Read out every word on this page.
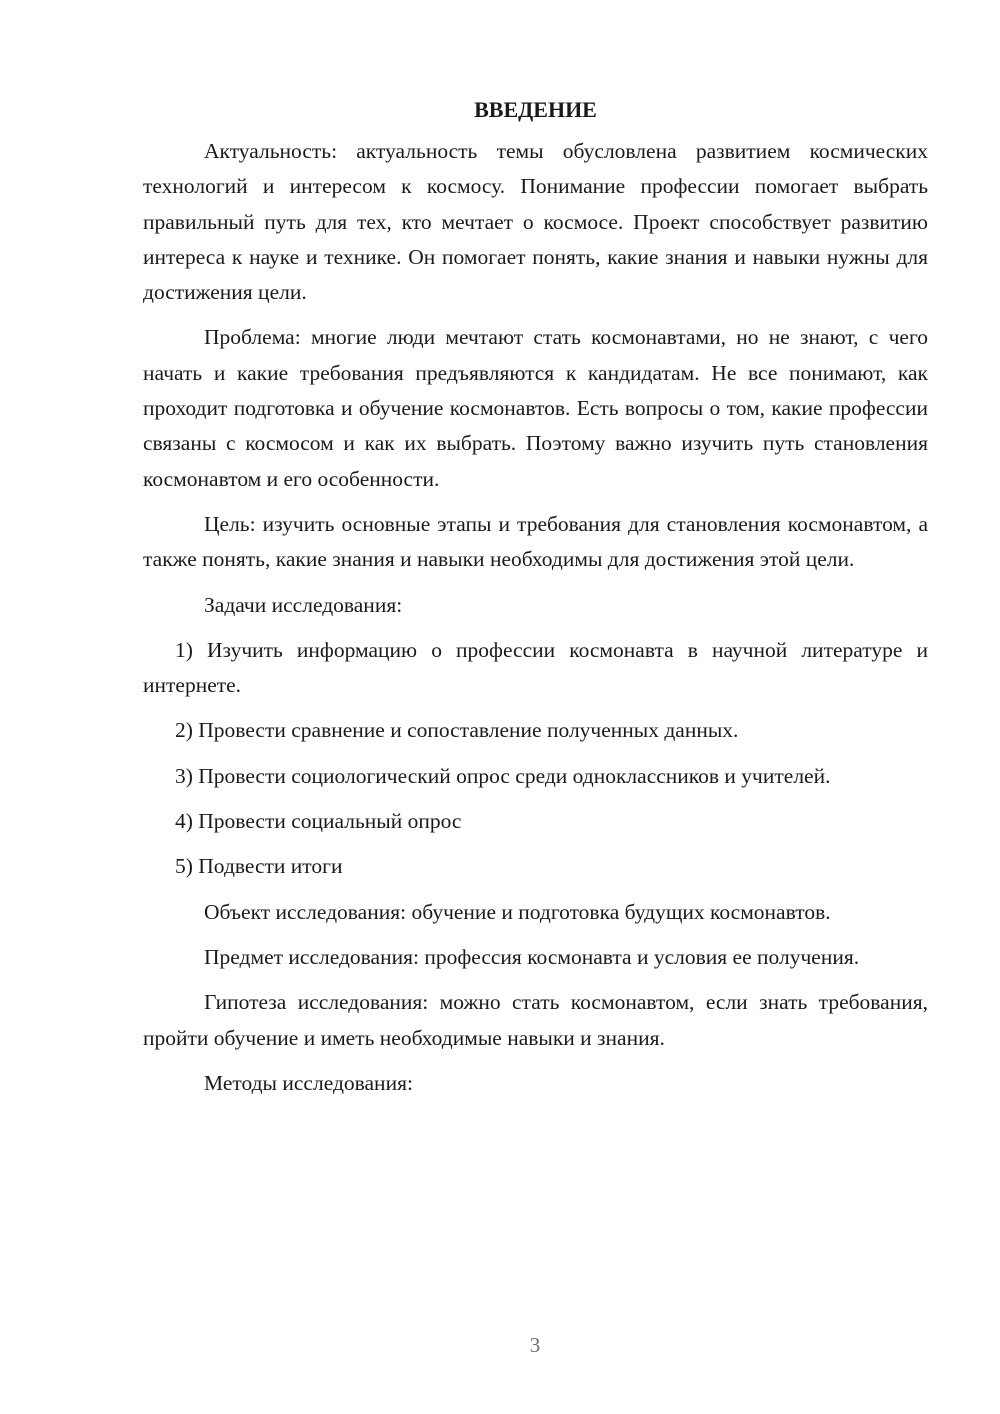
ВВЕДЕНИЕ

Актуальность: актуальность темы обусловлена развитием космических технологий и интересом к космосу. Понимание профессии помогает выбрать правильный путь для тех, кто мечтает о космосе. Проект способствует развитию интереса к науке и технике. Он помогает понять, какие знания и навыки нужны для достижения цели.

Проблема: многие люди мечтают стать космонавтами, но не знают, с чего начать и какие требования предъявляются к кандидатам. Не все понимают, как проходит подготовка и обучение космонавтов. Есть вопросы о том, какие профессии связаны с космосом и как их выбрать. Поэтому важно изучить путь становления космонавтом и его особенности.

Цель: изучить основные этапы и требования для становления космонавтом, а также понять, какие знания и навыки необходимы для достижения этой цели.

Задачи исследования:

1) Изучить информацию о профессии космонавта в научной литературе и интернете.

2) Провести сравнение и сопоставление полученных данных.

3) Провести социологический опрос среди одноклассников и учителей.

4) Провести социальный опрос

5) Подвести итоги

Объект исследования: обучение и подготовка будущих космонавтов.

Предмет исследования: профессия космонавта и условия ее получения.

Гипотеза исследования: можно стать космонавтом, если знать требования, пройти обучение и иметь необходимые навыки и знания.

Методы исследования:

3
